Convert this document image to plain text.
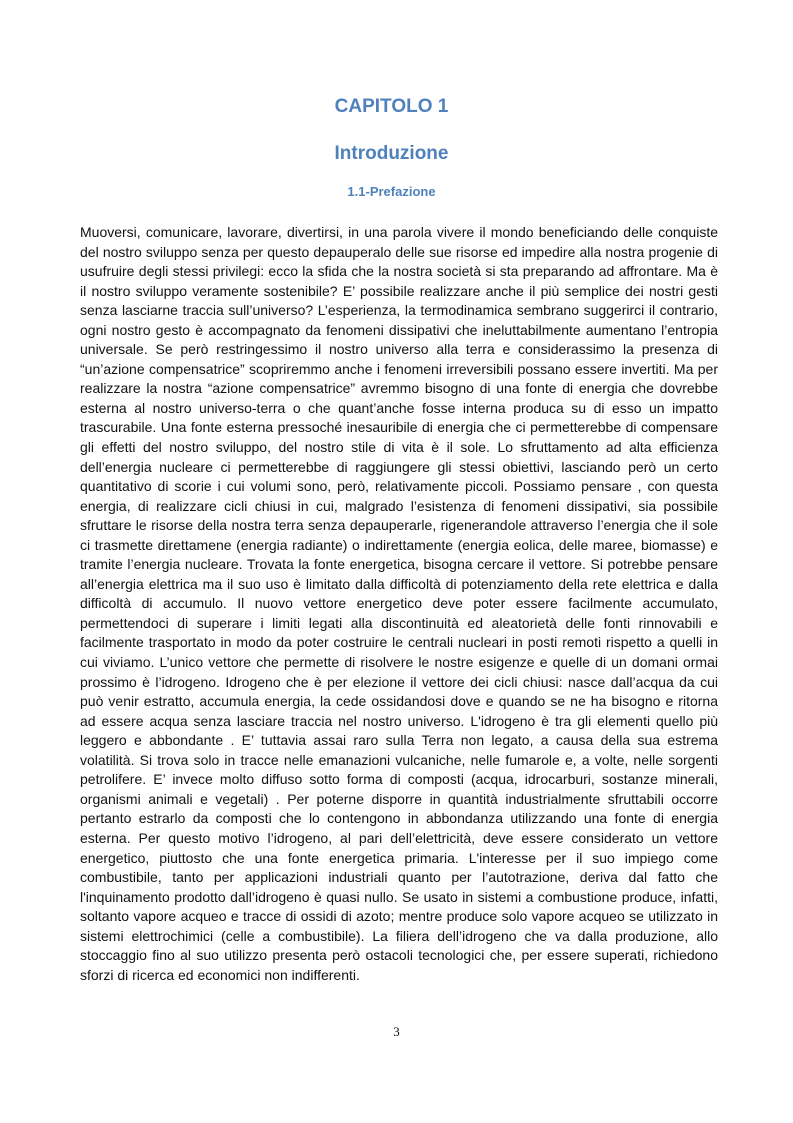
CAPITOLO 1
Introduzione
1.1-Prefazione

Muoversi, comunicare, lavorare, divertirsi, in una parola vivere il mondo beneficiando delle conquiste del nostro sviluppo senza per questo depauperalo delle sue risorse ed impedire alla nostra progenie di usufruire degli stessi privilegi: ecco la sfida che la nostra società si sta preparando ad affrontare. Ma è il nostro sviluppo veramente sostenibile? E’ possibile realizzare anche il più semplice dei nostri gesti senza lasciarne traccia sull’universo? L’esperienza, la termodinamica sembrano suggerirci il contrario, ogni nostro gesto è accompagnato da fenomeni dissipativi che ineluttabilmente aumentano l’entropia universale. Se però restringessimo il nostro universo alla terra e considerassimo la presenza di “un’azione compensatrice” scopriremmo anche i fenomeni irreversibili possano essere invertiti. Ma per realizzare la nostra “azione compensatrice” avremmo bisogno di una fonte di energia che dovrebbe esterna al nostro universo-terra o che quant’anche fosse interna produca su di esso un impatto trascurabile. Una fonte esterna pressoché inesauribile di energia che ci permetterebbe di compensare gli effetti del nostro sviluppo, del nostro stile di vita è il sole. Lo sfruttamento ad alta efficienza dell’energia nucleare ci permetterebbe di raggiungere gli stessi obiettivi, lasciando però un certo quantitativo di scorie i cui volumi sono, però, relativamente piccoli. Possiamo pensare , con questa energia, di realizzare cicli chiusi in cui, malgrado l’esistenza di fenomeni dissipativi, sia possibile sfruttare le risorse della nostra terra senza depauperarle, rigenerandole attraverso l’energia che il sole ci trasmette direttamene (energia radiante) o indirettamente (energia eolica, delle maree, biomasse) e tramite l’energia nucleare. Trovata la fonte energetica, bisogna cercare il vettore. Si potrebbe pensare all’energia elettrica ma il suo uso è limitato dalla difficoltà di potenziamento della rete elettrica e dalla difficoltà di accumulo. Il nuovo vettore energetico deve poter essere facilmente accumulato, permettendoci di superare i limiti legati alla discontinuità ed aleatorietà delle fonti rinnovabili e facilmente trasportato in modo da poter costruire le centrali nucleari in posti remoti rispetto a quelli in cui viviamo. L’unico vettore che permette di risolvere le nostre esigenze e quelle di un domani ormai prossimo è l’idrogeno. Idrogeno che è per elezione il vettore dei cicli chiusi: nasce dall’acqua da cui può venir estratto, accumula energia, la cede ossidandosi dove e quando se ne ha bisogno e ritorna ad essere acqua senza lasciare traccia nel nostro universo. L'idrogeno è tra gli elementi quello più leggero e abbondante . E’ tuttavia assai raro sulla Terra non legato, a causa della sua estrema volatilità. Si trova solo in tracce nelle emanazioni vulcaniche, nelle fumarole e, a volte, nelle sorgenti petrolifere. E’ invece molto diffuso sotto forma di composti (acqua, idrocarburi, sostanze minerali, organismi animali e vegetali) . Per poterne disporre in quantità industrialmente sfruttabili occorre pertanto estrarlo da composti che lo contengono in abbondanza utilizzando una fonte di energia esterna. Per questo motivo l’idrogeno, al pari dell’elettricità, deve essere considerato un vettore energetico, piuttosto che una fonte energetica primaria. L'interesse per il suo impiego come combustibile, tanto per applicazioni industriali quanto per l’autotrazione, deriva dal fatto che l'inquinamento prodotto dall’idrogeno è quasi nullo. Se usato in sistemi a combustione produce, infatti, soltanto vapore acqueo e tracce di ossidi di azoto; mentre produce solo vapore acqueo se utilizzato in sistemi elettrochimici (celle a combustibile). La filiera dell’idrogeno che va dalla produzione, allo stoccaggio fino al suo utilizzo presenta però ostacoli tecnologici che, per essere superati, richiedono sforzi di ricerca ed economici non indifferenti.

3
